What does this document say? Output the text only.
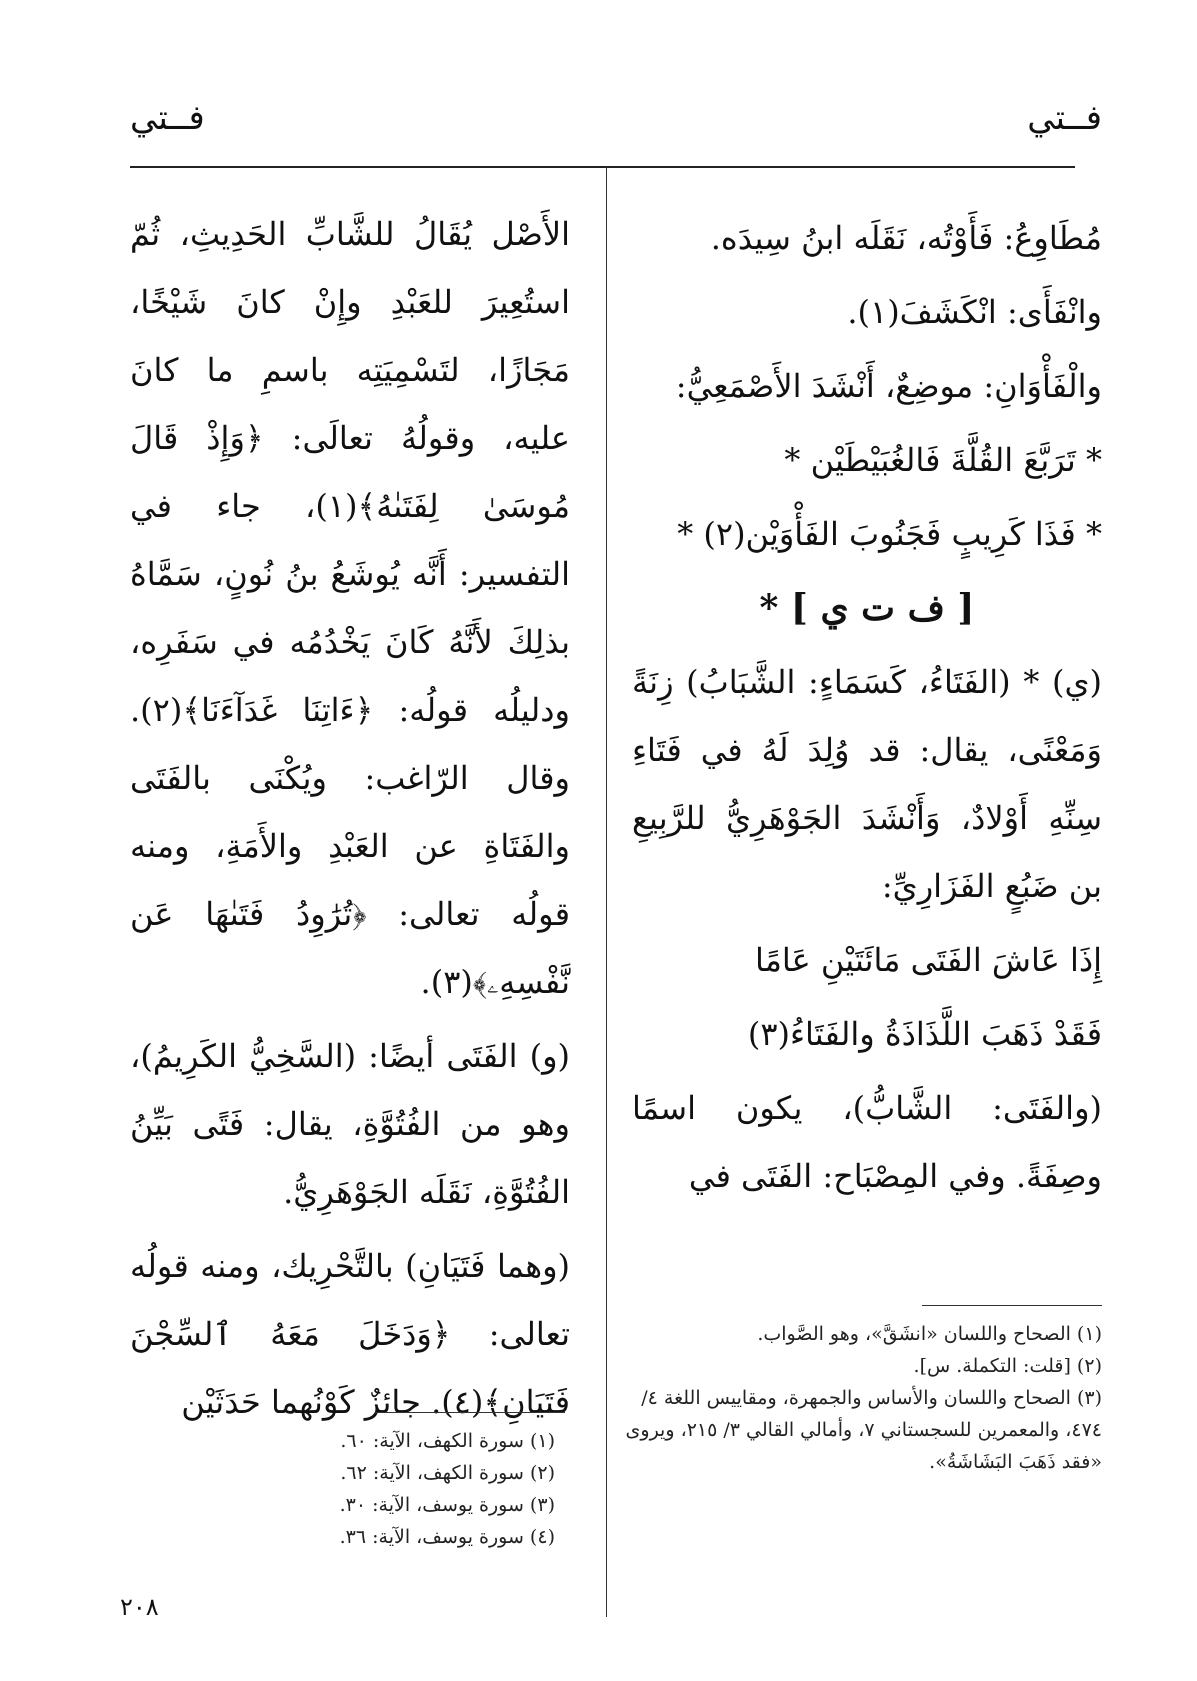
فــتي
فــتي

مُطَاوِعُ: فَأَوْتُه، نَقَلَه ابنُ سِيدَه.

وانْفَأَى: انْكَشَفَ(١).

والْفَأْوَانِ: موضِعٌ، أَنْشَدَ الأَصْمَعِيُّ:

* تَرَبَّعَ القُلَّةَ فَالغُبَيْطَيْن *

* فَذَا كَرِيبٍ فَجَنُوبَ الفَأْوَيْن(٢) *

[ ف ت ي ] *

(ي) * (الفَتَاءُ، كَسَمَاءٍ: الشَّبَابُ) زِنَةً وَمَعْنًى، يقال: قد وُلِدَ لَهُ في فَتَاءِ سِنِّهِ أَوْلادٌ، وَأَنْشَدَ الجَوْهَرِيُّ للرَّبِيعِ بن ضَبُعٍ الفَزَارِيِّ:

إِذَا عَاشَ الفَتَى مَائَتَيْنِ عَامًا

فَقَدْ ذَهَبَ اللَّذَاذَةُ والفَتَاءُ(٣)

(والفَتَى: الشَّابُّ)، يكون اسمًا وصِفَةً. وفي المِصْبَاح: الفَتَى في

الأَصْل يُقَالُ للشَّابِّ الحَدِيثِ، ثُمّ استُعِيرَ للعَبْدِ وإِنْ كانَ شَيْخًا، مَجَازًا، لتَسْمِيَتِه باسمِ ما كانَ عليه، وقولُهُ تعالَى: ﴿وَإِذْ قَالَ مُوسَىٰ لِفَتَىٰهُ﴾(١)، جاء في التفسير: أَنَّه يُوشَعُ بنُ نُونٍ، سَمَّاهُ بذلِكَ لأَنَّهُ كَانَ يَخْدُمُه في سَفَرِه، ودليلُه قولُه: ﴿ءَاتِنَا غَدَآءَنَا﴾(٢). وقال الرّاغب: ويُكْنَى بالفَتَى والفَتَاةِ عن العَبْدِ والأَمَةِ، ومنه قولُه تعالى: ﴿تُرَٰوِدُ فَتَىٰهَا عَن نَّفْسِهِۦ﴾(٣).

(و) الفَتَى أيضًا: (السَّخِيُّ الكَرِيمُ)، وهو من الفُتُوَّةِ، يقال: فَتًى بَيِّنُ الفُتُوَّةِ، نَقَلَه الجَوْهَرِيُّ.

(وهما فَتَيَانِ) بالتَّحْرِيك، ومنه قولُه تعالى: ﴿وَدَخَلَ مَعَهُ ٱلسِّجْنَ فَتَيَانِ﴾(٤). جائزٌ كَوْنُهما حَدَثَيْن

(١) الصحاح واللسان «انشَقَّ»، وهو الصَّواب.
(٢) [قلت: التكملة. س].
(٣) الصحاح واللسان والأساس والجمهرة، ومقاييس اللغة ٤/ ٤٧٤، والمعمرين للسجستاني ٧، وأمالي القالي ٣/ ٢١٥، ويروى «فقد ذَهَبَ البَشَاشَةُ».
(١) سورة الكهف، الآية: ٦٠.
(٢) سورة الكهف، الآية: ٦٢.
(٣) سورة يوسف، الآية: ٣٠.
(٤) سورة يوسف، الآية: ٣٦.
٢٠٨
